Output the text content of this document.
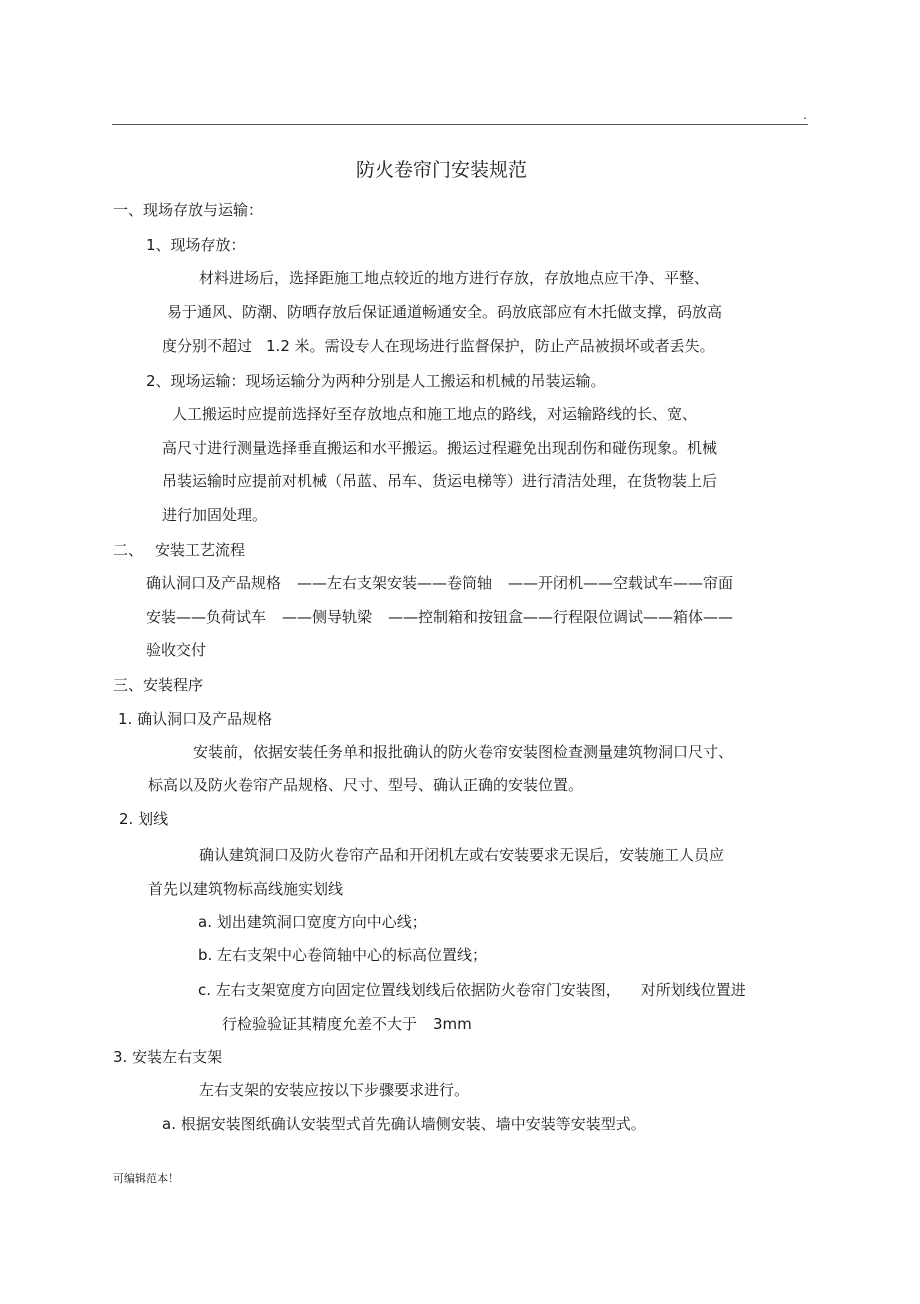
.
防火卷帘门安装规范
一、现场存放与运输：
1、现场存放：
材料进场后，选择距施工地点较近的地方进行存放，存放地点应干净、平整、
易于通风、防潮、防晒存放后保证通道畅通安全。码放底部应有木托做支撑，码放高
度分别不超过 1.2 米。需设专人在现场进行监督保护，防止产品被损坏或者丢失。
2、现场运输：现场运输分为两种分别是人工搬运和机械的吊装运输。
人工搬运时应提前选择好至存放地点和施工地点的路线，对运输路线的长、宽、
高尺寸进行测量选择垂直搬运和水平搬运。搬运过程避免出现刮伤和碰伤现象。机械
吊装运输时应提前对机械（吊蓝、吊车、货运电梯等）进行清洁处理，在货物装上后
进行加固处理。
二、 安装工艺流程
确认洞口及产品规格 ——左右支架安装——卷筒轴 ——开闭机——空载试车——帘面
安装——负荷试车 ——侧导轨梁 ——控制箱和按钮盒——行程限位调试——箱体——
验收交付
三、安装程序
1. 确认洞口及产品规格
安装前，依据安装任务单和报批确认的防火卷帘安装图检查测量建筑物洞口尺寸、
标高以及防火卷帘产品规格、尺寸、型号、确认正确的安装位置。
2. 划线
确认建筑洞口及防火卷帘产品和开闭机左或右安装要求无误后，安装施工人员应
首先以建筑物标高线施实划线
a. 划出建筑洞口宽度方向中心线；
b. 左右支架中心卷筒轴中心的标高位置线；
c. 左右支架宽度方向固定位置线划线后依据防火卷帘门安装图， 对所划线位置进
行检验验证其精度允差不大于 3mm
3. 安装左右支架
左右支架的安装应按以下步骤要求进行。
a. 根据安装图纸确认安装型式首先确认墙侧安装、墙中安装等安装型式。
可编辑范本！
